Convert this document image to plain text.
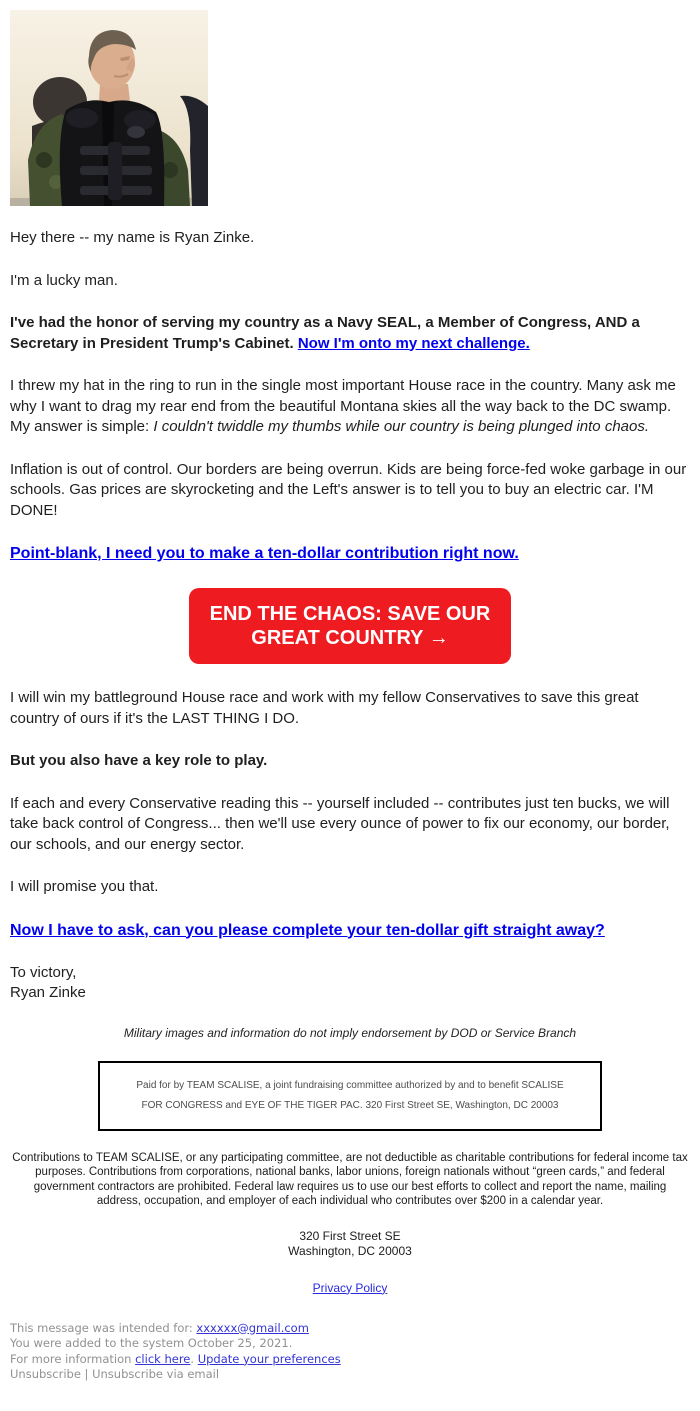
Hey there -- my name is Ryan Zinke.

I'm a lucky man.

I've had the honor of serving my country as a Navy SEAL, a Member of Congress, AND a Secretary in President Trump's Cabinet. Now I'm onto my next challenge.

I threw my hat in the ring to run in the single most important House race in the country. Many ask me why I want to drag my rear end from the beautiful Montana skies all the way back to the DC swamp. My answer is simple: I couldn't twiddle my thumbs while our country is being plunged into chaos.

Inflation is out of control. Our borders are being overrun. Kids are being force-fed woke garbage in our schools. Gas prices are skyrocketing and the Left's answer is to tell you to buy an electric car. I'M DONE!

Point-blank, I need you to make a ten-dollar contribution right now.

END THE CHAOS: SAVE OUR GREAT COUNTRY →

I will win my battleground House race and work with my fellow Conservatives to save this great country of ours if it's the LAST THING I DO.

But you also have a key role to play.

If each and every Conservative reading this -- yourself included -- contributes just ten bucks, we will take back control of Congress... then we'll use every ounce of power to fix our economy, our border, our schools, and our energy sector.

I will promise you that.

Now I have to ask, can you please complete your ten-dollar gift straight away?

To victory,
Ryan Zinke

Military images and information do not imply endorsement by DOD or Service Branch

Paid for by TEAM SCALISE, a joint fundraising committee authorized by and to benefit SCALISE
FOR CONGRESS and EYE OF THE TIGER PAC. 320 First Street SE, Washington, DC 20003

Contributions to TEAM SCALISE, or any participating committee, are not deductible as charitable contributions for federal income tax purposes. Contributions from corporations, national banks, labor unions, foreign nationals without “green cards,” and federal government contractors are prohibited. Federal law requires us to use our best efforts to collect and report the name, mailing address, occupation, and employer of each individual who contributes over $200 in a calendar year.

320 First Street SE
Washington, DC 20003

Privacy Policy

This message was intended for: xxxxxx@gmail.com
You were added to the system October 25, 2021.
For more information click here. Update your preferences
Unsubscribe | Unsubscribe via email
